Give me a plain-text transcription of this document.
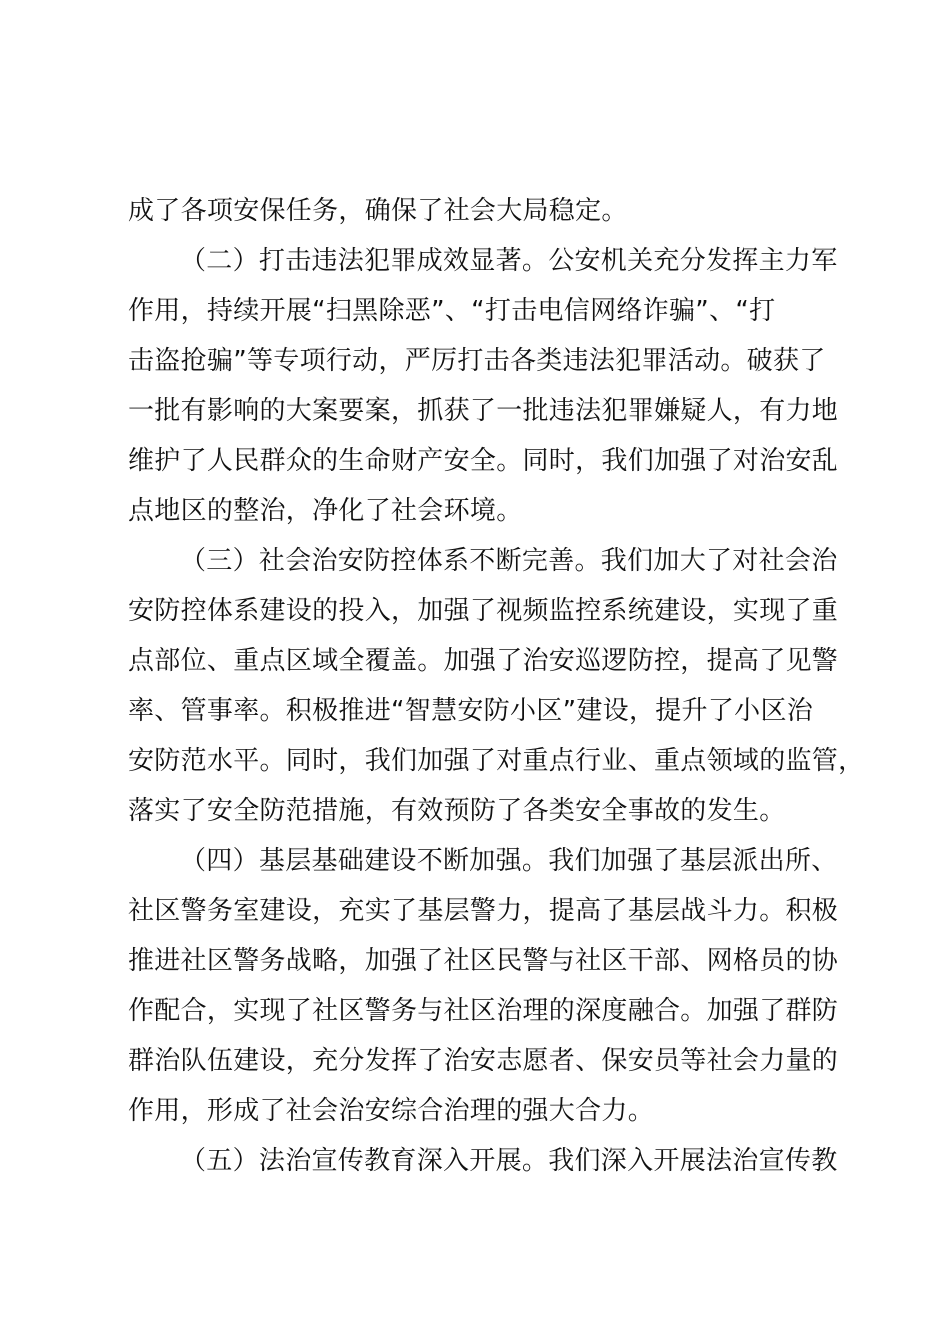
成了各项安保任务，确保了社会大局稳定。
（二）打击违法犯罪成效显著。公安机关充分发挥主力军
作用，持续开展“扫黑除恶”、“打击电信网络诈骗”、“打
击盗抢骗”等专项行动，严厉打击各类违法犯罪活动。破获了
一批有影响的大案要案，抓获了一批违法犯罪嫌疑人，有力地
维护了人民群众的生命财产安全。同时，我们加强了对治安乱
点地区的整治，净化了社会环境。
（三）社会治安防控体系不断完善。我们加大了对社会治
安防控体系建设的投入，加强了视频监控系统建设，实现了重
点部位、重点区域全覆盖。加强了治安巡逻防控，提高了见警
率、管事率。积极推进“智慧安防小区”建设，提升了小区治
安防范水平。同时，我们加强了对重点行业、重点领域的监管，
落实了安全防范措施，有效预防了各类安全事故的发生。
（四）基层基础建设不断加强。我们加强了基层派出所、
社区警务室建设，充实了基层警力，提高了基层战斗力。积极
推进社区警务战略，加强了社区民警与社区干部、网格员的协
作配合，实现了社区警务与社区治理的深度融合。加强了群防
群治队伍建设，充分发挥了治安志愿者、保安员等社会力量的
作用，形成了社会治安综合治理的强大合力。
（五）法治宣传教育深入开展。我们深入开展法治宣传教
